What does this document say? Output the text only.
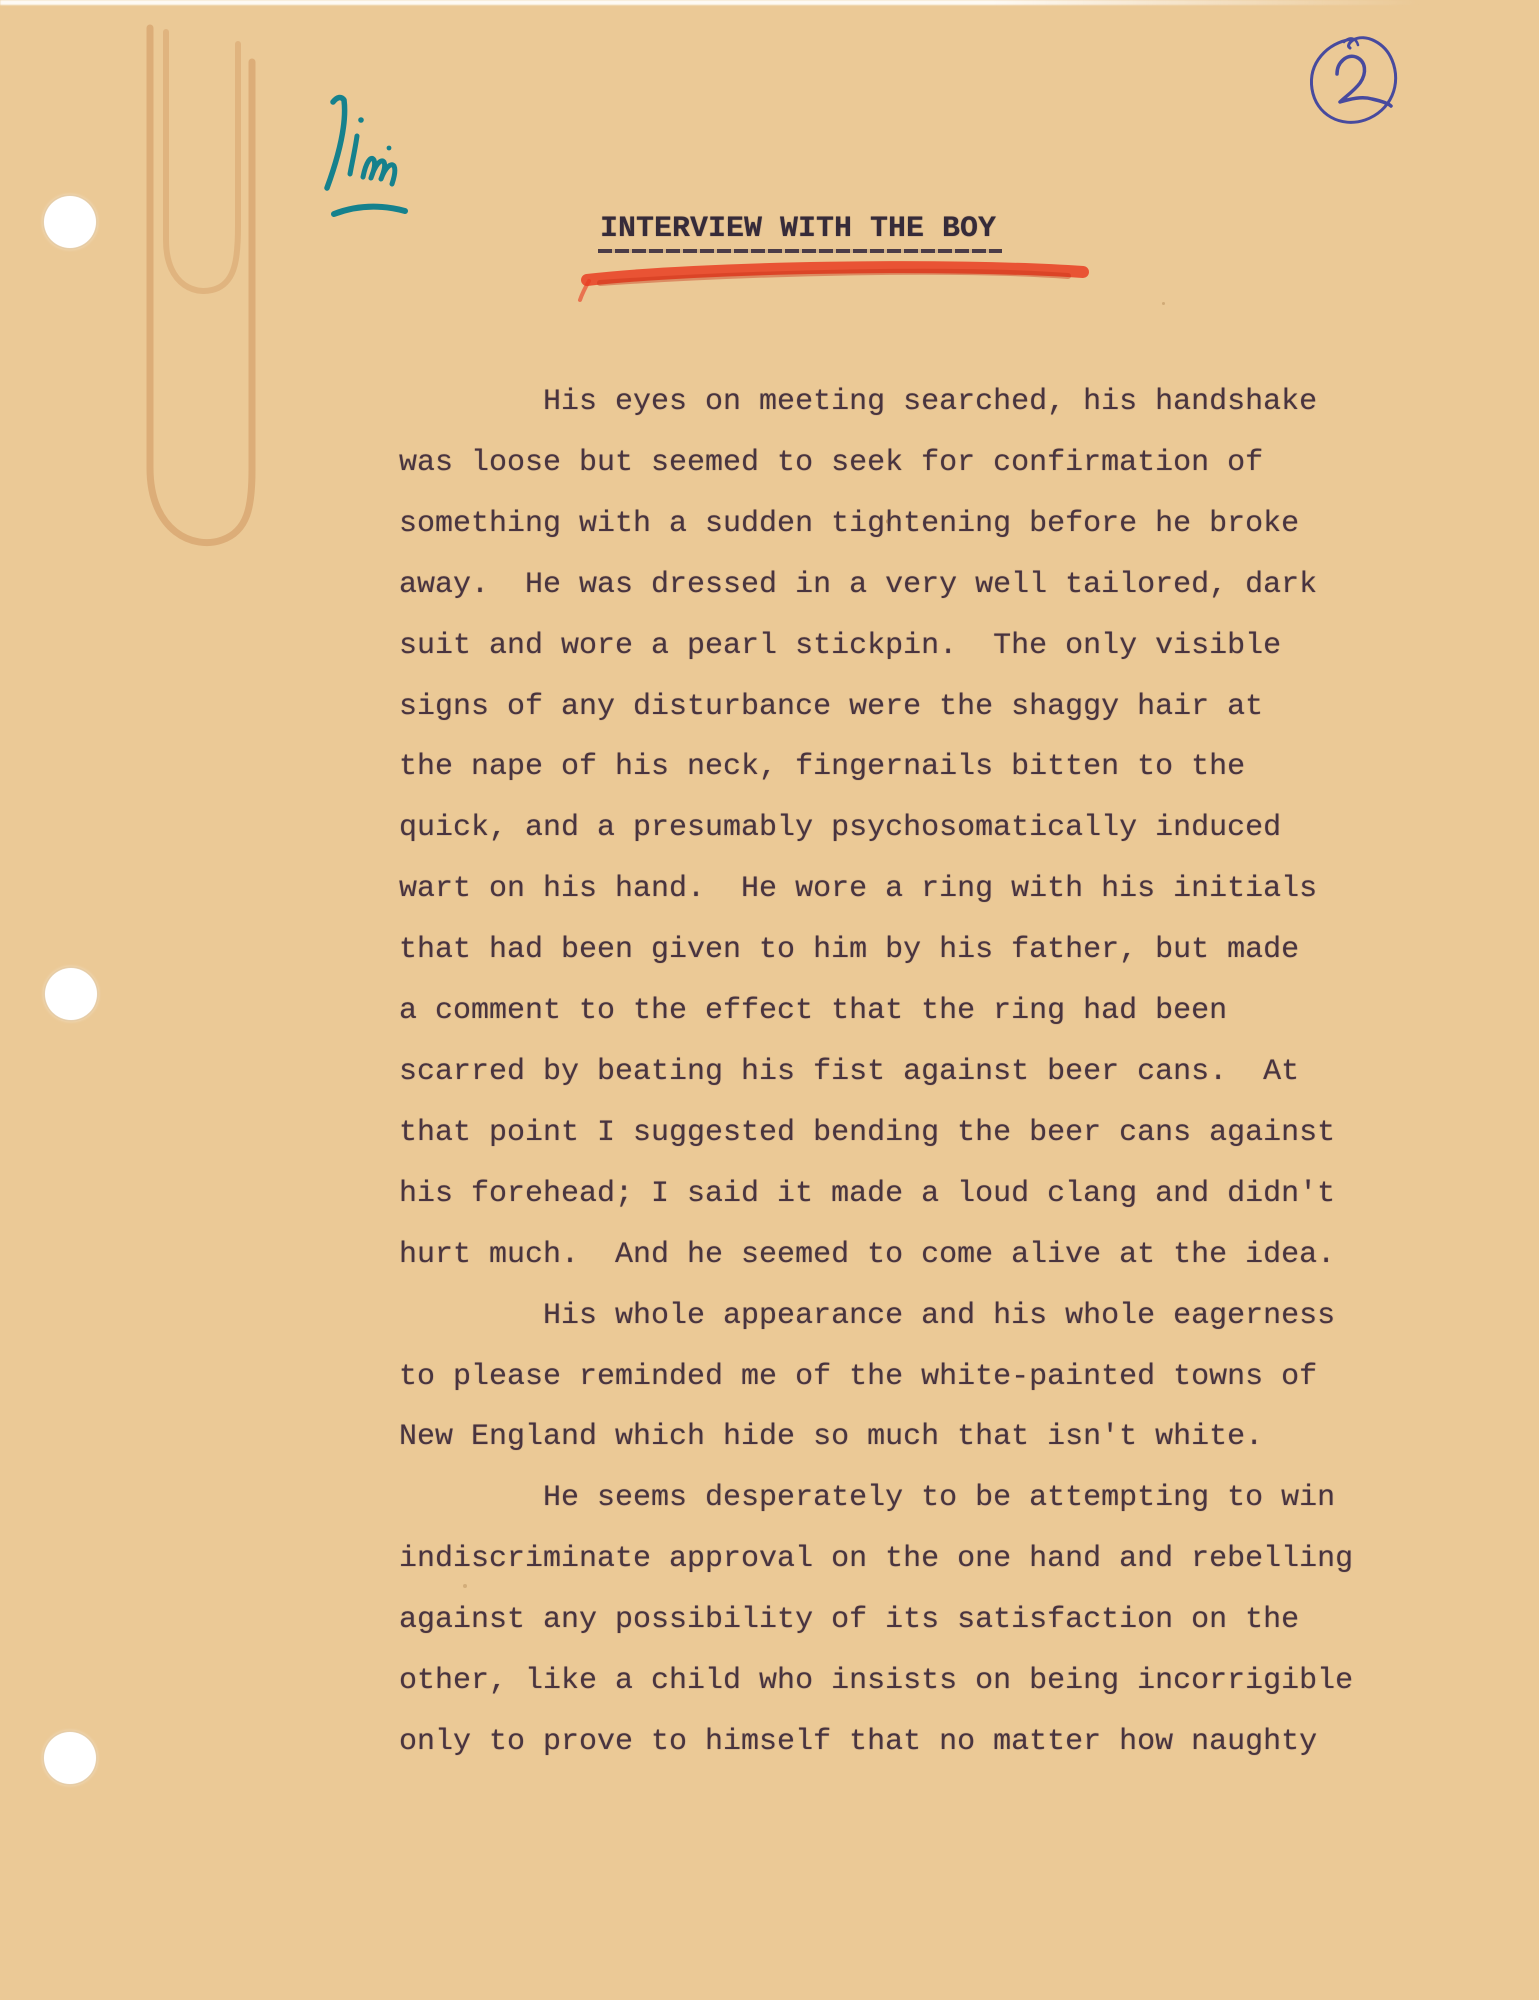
INTERVIEW WITH THE BOY
His eyes on meeting searched, his handshake
was loose but seemed to seek for confirmation of
something with a sudden tightening before he broke
away.  He was dressed in a very well tailored, dark
suit and wore a pearl stickpin.  The only visible
signs of any disturbance were the shaggy hair at
the nape of his neck, fingernails bitten to the
quick, and a presumably psychosomatically induced
wart on his hand.  He wore a ring with his initials
that had been given to him by his father, but made
a comment to the effect that the ring had been
scarred by beating his fist against beer cans.  At
that point I suggested bending the beer cans against
his forehead; I said it made a loud clang and didn't
hurt much.  And he seemed to come alive at the idea.
His whole appearance and his whole eagerness
to please reminded me of the white-painted towns of
New England which hide so much that isn't white.
He seems desperately to be attempting to win
indiscriminate approval on the one hand and rebelling
against any possibility of its satisfaction on the
other, like a child who insists on being incorrigible
only to prove to himself that no matter how naughty
